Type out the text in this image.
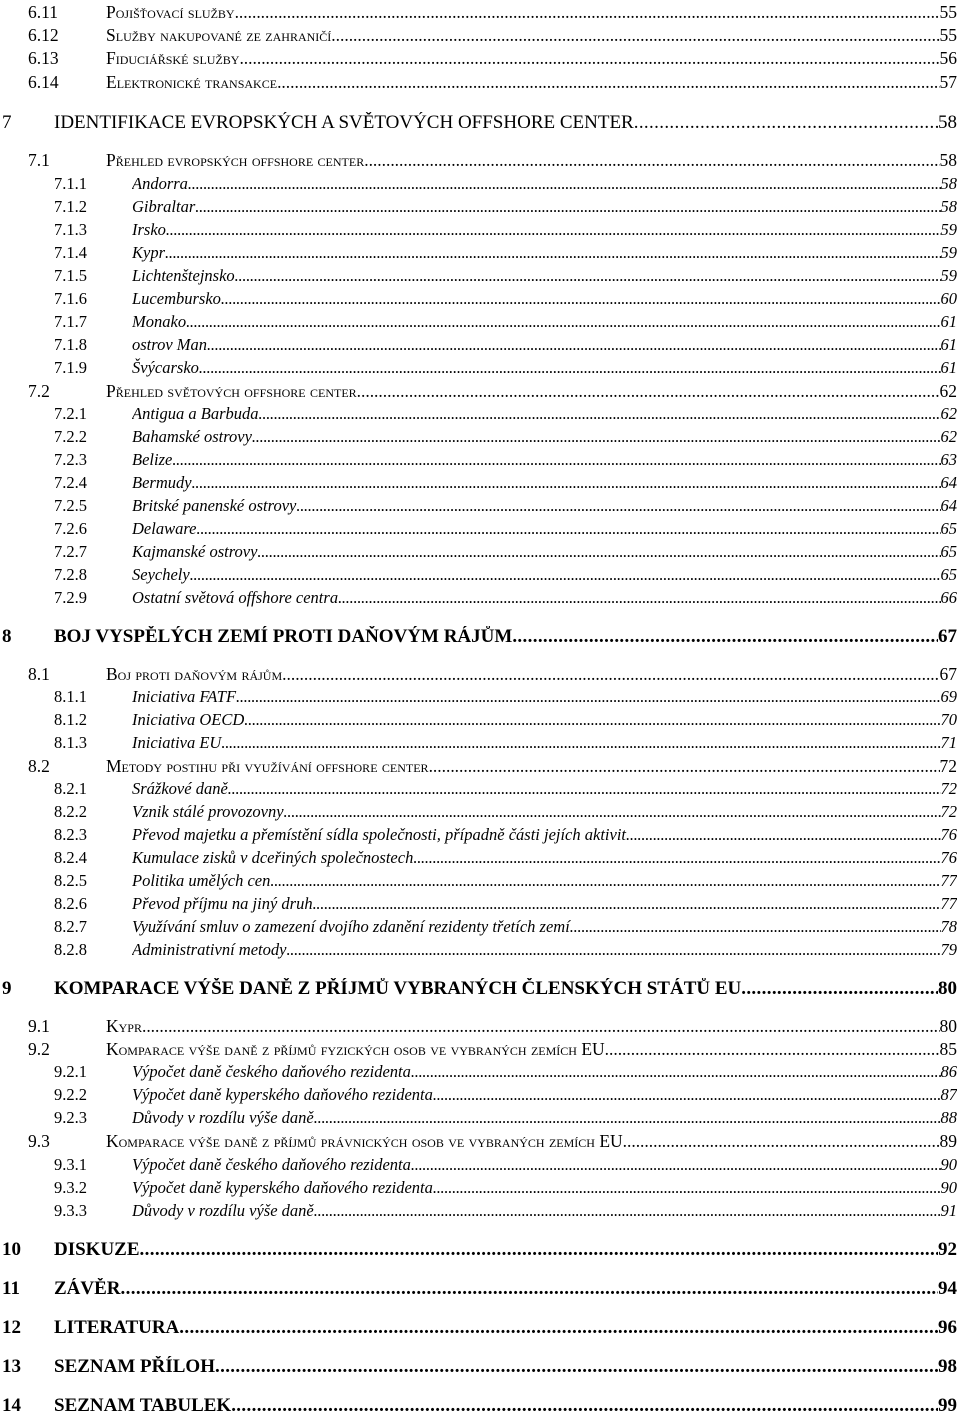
6.11	Pojišťovací služby . . .	55
6.12	Služby nakupované ze zahraničí . . .	55
6.13	Fiduciářské služby . . .	56
6.14	Elektronické transakce . . .	57
7 IDENTIFIKACE EVROPSKÝCH A SVĚTOVÝCH OFFSHORE CENTER . . .	58
7.1	Přehled evropských offshore center . . .	58
7.1.1	Andorra . . .	58
7.1.2	Gibraltar . . .	58
7.1.3	Irsko . . .	59
7.1.4	Kypr . . .	59
7.1.5	Lichtenštejnsko . . .	59
7.1.6	Lucembursko . . .	60
7.1.7	Monako . . .	61
7.1.8	ostrov Man . . .	61
7.1.9	Švýcarsko . . .	61
7.2	Přehled světových offshore center . . .	62
7.2.1	Antigua a Barbuda . . .	62
7.2.2	Bahamské ostrovy . . .	62
7.2.3	Belize . . .	63
7.2.4	Bermudy . . .	64
7.2.5	Britské panenské ostrovy . . .	64
7.2.6	Delaware . . .	65
7.2.7	Kajmanské ostrovy . . .	65
7.2.8	Seychely . . .	65
7.2.9	Ostatní světová offshore centra . . .	66
8 BOJ VYSPĚLÝCH ZEMÍ PROTI DAŇOVÝM RÁJŮM . . .	67
8.1	Boj proti daňovým rájům . . .	67
8.1.1	Iniciativa FATF . . .	69
8.1.2	Iniciativa OECD . . .	70
8.1.3	Iniciativa EU . . .	71
8.2	Metody postihu při využívání offshore center . . .	72
8.2.1	Srážkové daně . . .	72
8.2.2	Vznik stálé provozovny . . .	72
8.2.3	Převod majetku a přemístění sídla společnosti, případně části jejích aktivit . . .	76
8.2.4	Kumulace zisků v dceřiných společnostech . . .	76
8.2.5	Politika umělých cen . . .	77
8.2.6	Převod příjmu na jiný druh . . .	77
8.2.7	Využívání smluv o zamezení dvojího zdanění rezidenty třetích zemí . . .	78
8.2.8	Administrativní metody . . .	79
9 KOMPARACE VÝŠE DANĚ Z PŘÍJMŮ VYBRANÝCH ČLENSKÝCH STÁTŮ EU . . .	80
9.1	Kypr . . .	80
9.2	Komparace výše daně z příjmů fyzických osob ve vybraných zemích EU . . .	85
9.2.1	Výpočet daně českého daňového rezidenta . . .	86
9.2.2	Výpočet daně kyperského daňového rezidenta . . .	87
9.2.3	Důvody v rozdílu výše daně . . .	88
9.3	Komparace výše daně z příjmů právnických osob ve vybraných zemích EU . . .	89
9.3.1	Výpočet daně českého daňového rezidenta . . .	90
9.3.2	Výpočet daně kyperského daňového rezidenta . . .	90
9.3.3	Důvody v rozdílu výše daně . . .	91
10 DISKUZE . . .	92
11 ZÁVĚR . . .	94
12 LITERATURA . . .	96
13 SEZNAM PŘÍLOH . . .	98
14 SEZNAM TABULEK . . .	99
